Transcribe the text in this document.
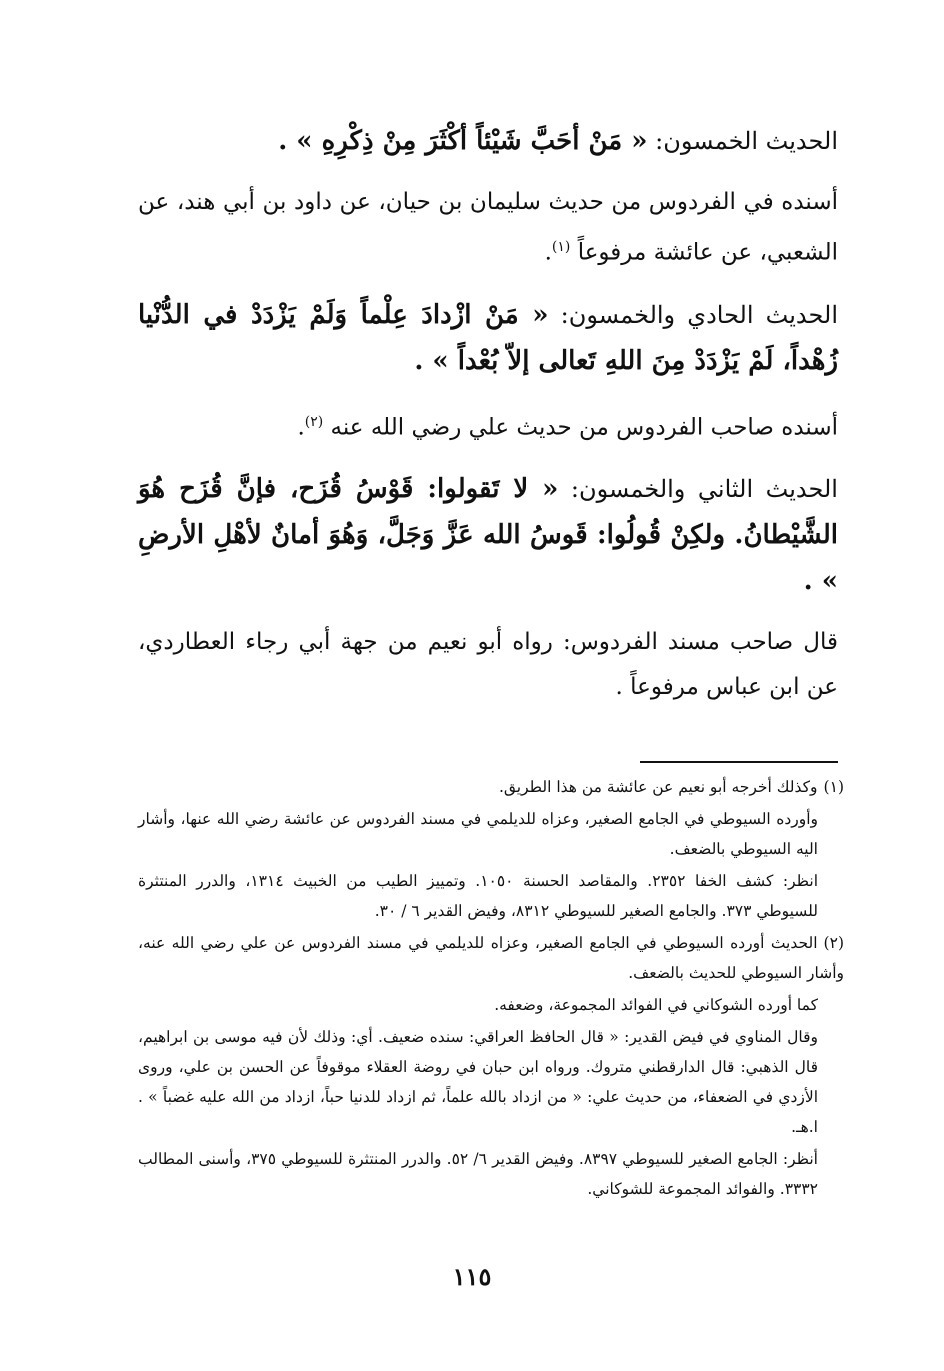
الحديث الخمسون: « مَنْ أحَبَّ شَيْئاً أكْثَرَ مِنْ ذِكْرِهِ » .

أسنده في الفردوس من حديث سليمان بن حيان، عن داود بن أبي هند، عن الشعبي، عن عائشة مرفوعاً $^{(١)}$.

الحديث الحادي والخمسون: « مَنْ ازْدادَ عِلْماً وَلَمْ يَزْدَدْ في الدُّنْيا زُهْداً، لَمْ يَزْدَدْ مِنَ اللهِ تَعالى إلاّ بُعْداً » .

أسنده صاحب الفردوس من حديث علي رضي الله عنه $^{(٢)}$.

الحديث الثاني والخمسون: « لا تَقولوا: قَوْسُ قُزَح، فإنَّ قُزَح هُوَ الشَّيْطانُ. ولكِنْ قُولُوا: قَوسُ الله عَزَّ وَجَلَّ، وَهُوَ أمانٌ لأهْلِ الأرضِ » .

قال صاحب مسند الفردوس: رواه أبو نعيم من جهة أبي رجاء العطاردي، عن ابن عباس مرفوعاً .

(١)وكذلك أخرجه أبو نعيم عن عائشة من هذا الطريق.

وأورده السيوطي في الجامع الصغير، وعزاه للديلمي في مسند الفردوس عن عائشة رضي الله عنها، وأشار اليه السيوطي بالضعف.

انظر: كشف الخفا ٢٣٥٢. والمقاصد الحسنة ١٠٥٠. وتمييز الطيب من الخبيث ١٣١٤، والدرر المنتثرة للسيوطي ٣٧٣. والجامع الصغير للسيوطي ٨٣١٢، وفيض القدير ٦ / ٣٠.

(٢)الحديث أورده السيوطي في الجامع الصغير، وعزاه للديلمي في مسند الفردوس عن علي رضي الله عنه، وأشار السيوطي للحديث بالضعف.

كما أورده الشوكاني في الفوائد المجموعة، وضعفه.

وقال المناوي في فيض القدير: « قال الحافظ العراقي: سنده ضعيف. أي: وذلك لأن فيه موسى بن ابراهيم، قال الذهبي: قال الدارقطني متروك. ورواه ابن حبان في روضة العقلاء موقوفاً عن الحسن بن علي، وروى الأزدي في الضعفاء، من حديث علي: « من ازداد بالله علماً، ثم ازداد للدنيا حباً، ازداد من الله عليه غضباً » . ا.هـ.

أنظر: الجامع الصغير للسيوطي ٨٣٩٧. وفيض القدير ٦/ ٥٢. والدرر المنتثرة للسيوطي ٣٧٥، وأسنى المطالب ٣٣٣٢. والفوائد المجموعة للشوكاني.

١١٥
